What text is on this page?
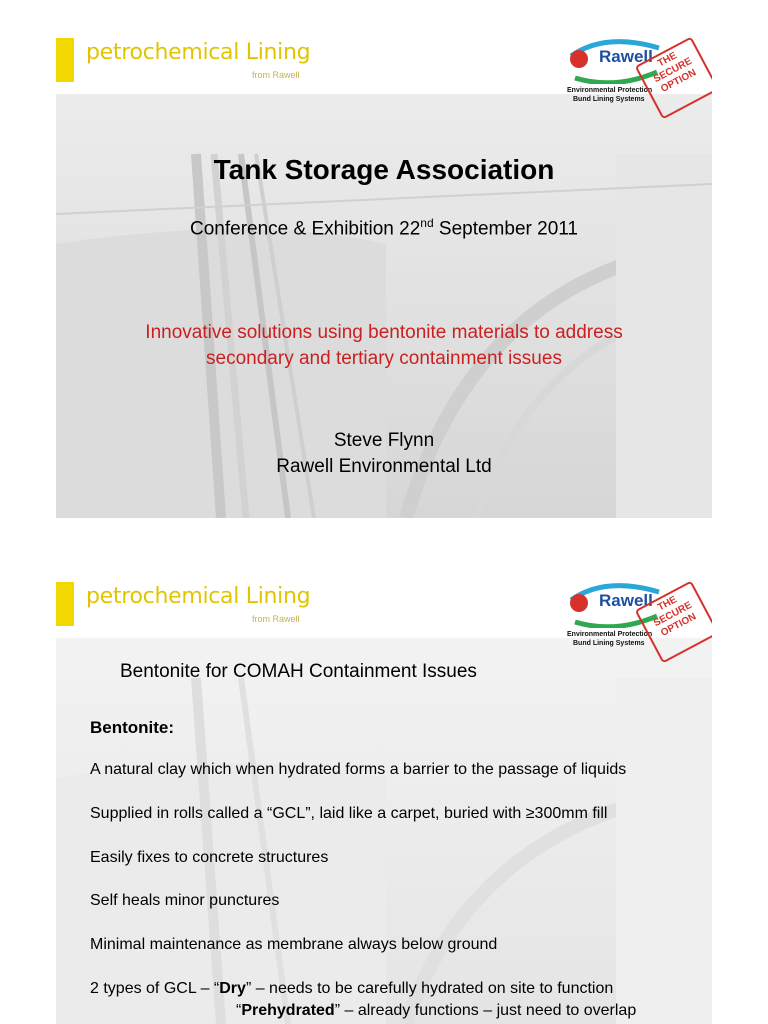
petrochemical Lining
from Rawell
Rawell
Environmental Protection
Bund Lining Systems
THE SECURE OPTION
Tank Storage Association
Conference & Exhibition 22nd September 2011
Innovative solutions using bentonite materials to address
secondary and tertiary containment issues
Steve Flynn
Rawell Environmental Ltd
petrochemical Lining
from Rawell
Rawell
Environmental Protection
Bund Lining Systems
THE SECURE OPTION
Bentonite for COMAH Containment Issues
Bentonite:
A natural clay which when hydrated forms a barrier to the passage of liquids
Supplied in rolls called a “GCL”, laid like a carpet, buried with ≥300mm fill
Easily fixes to concrete structures
Self heals minor punctures
Minimal maintenance as membrane always below ground
2 types of GCL – “Dry” – needs to be carefully hydrated on site to function
“Prehydrated” – already functions – just need to overlap
